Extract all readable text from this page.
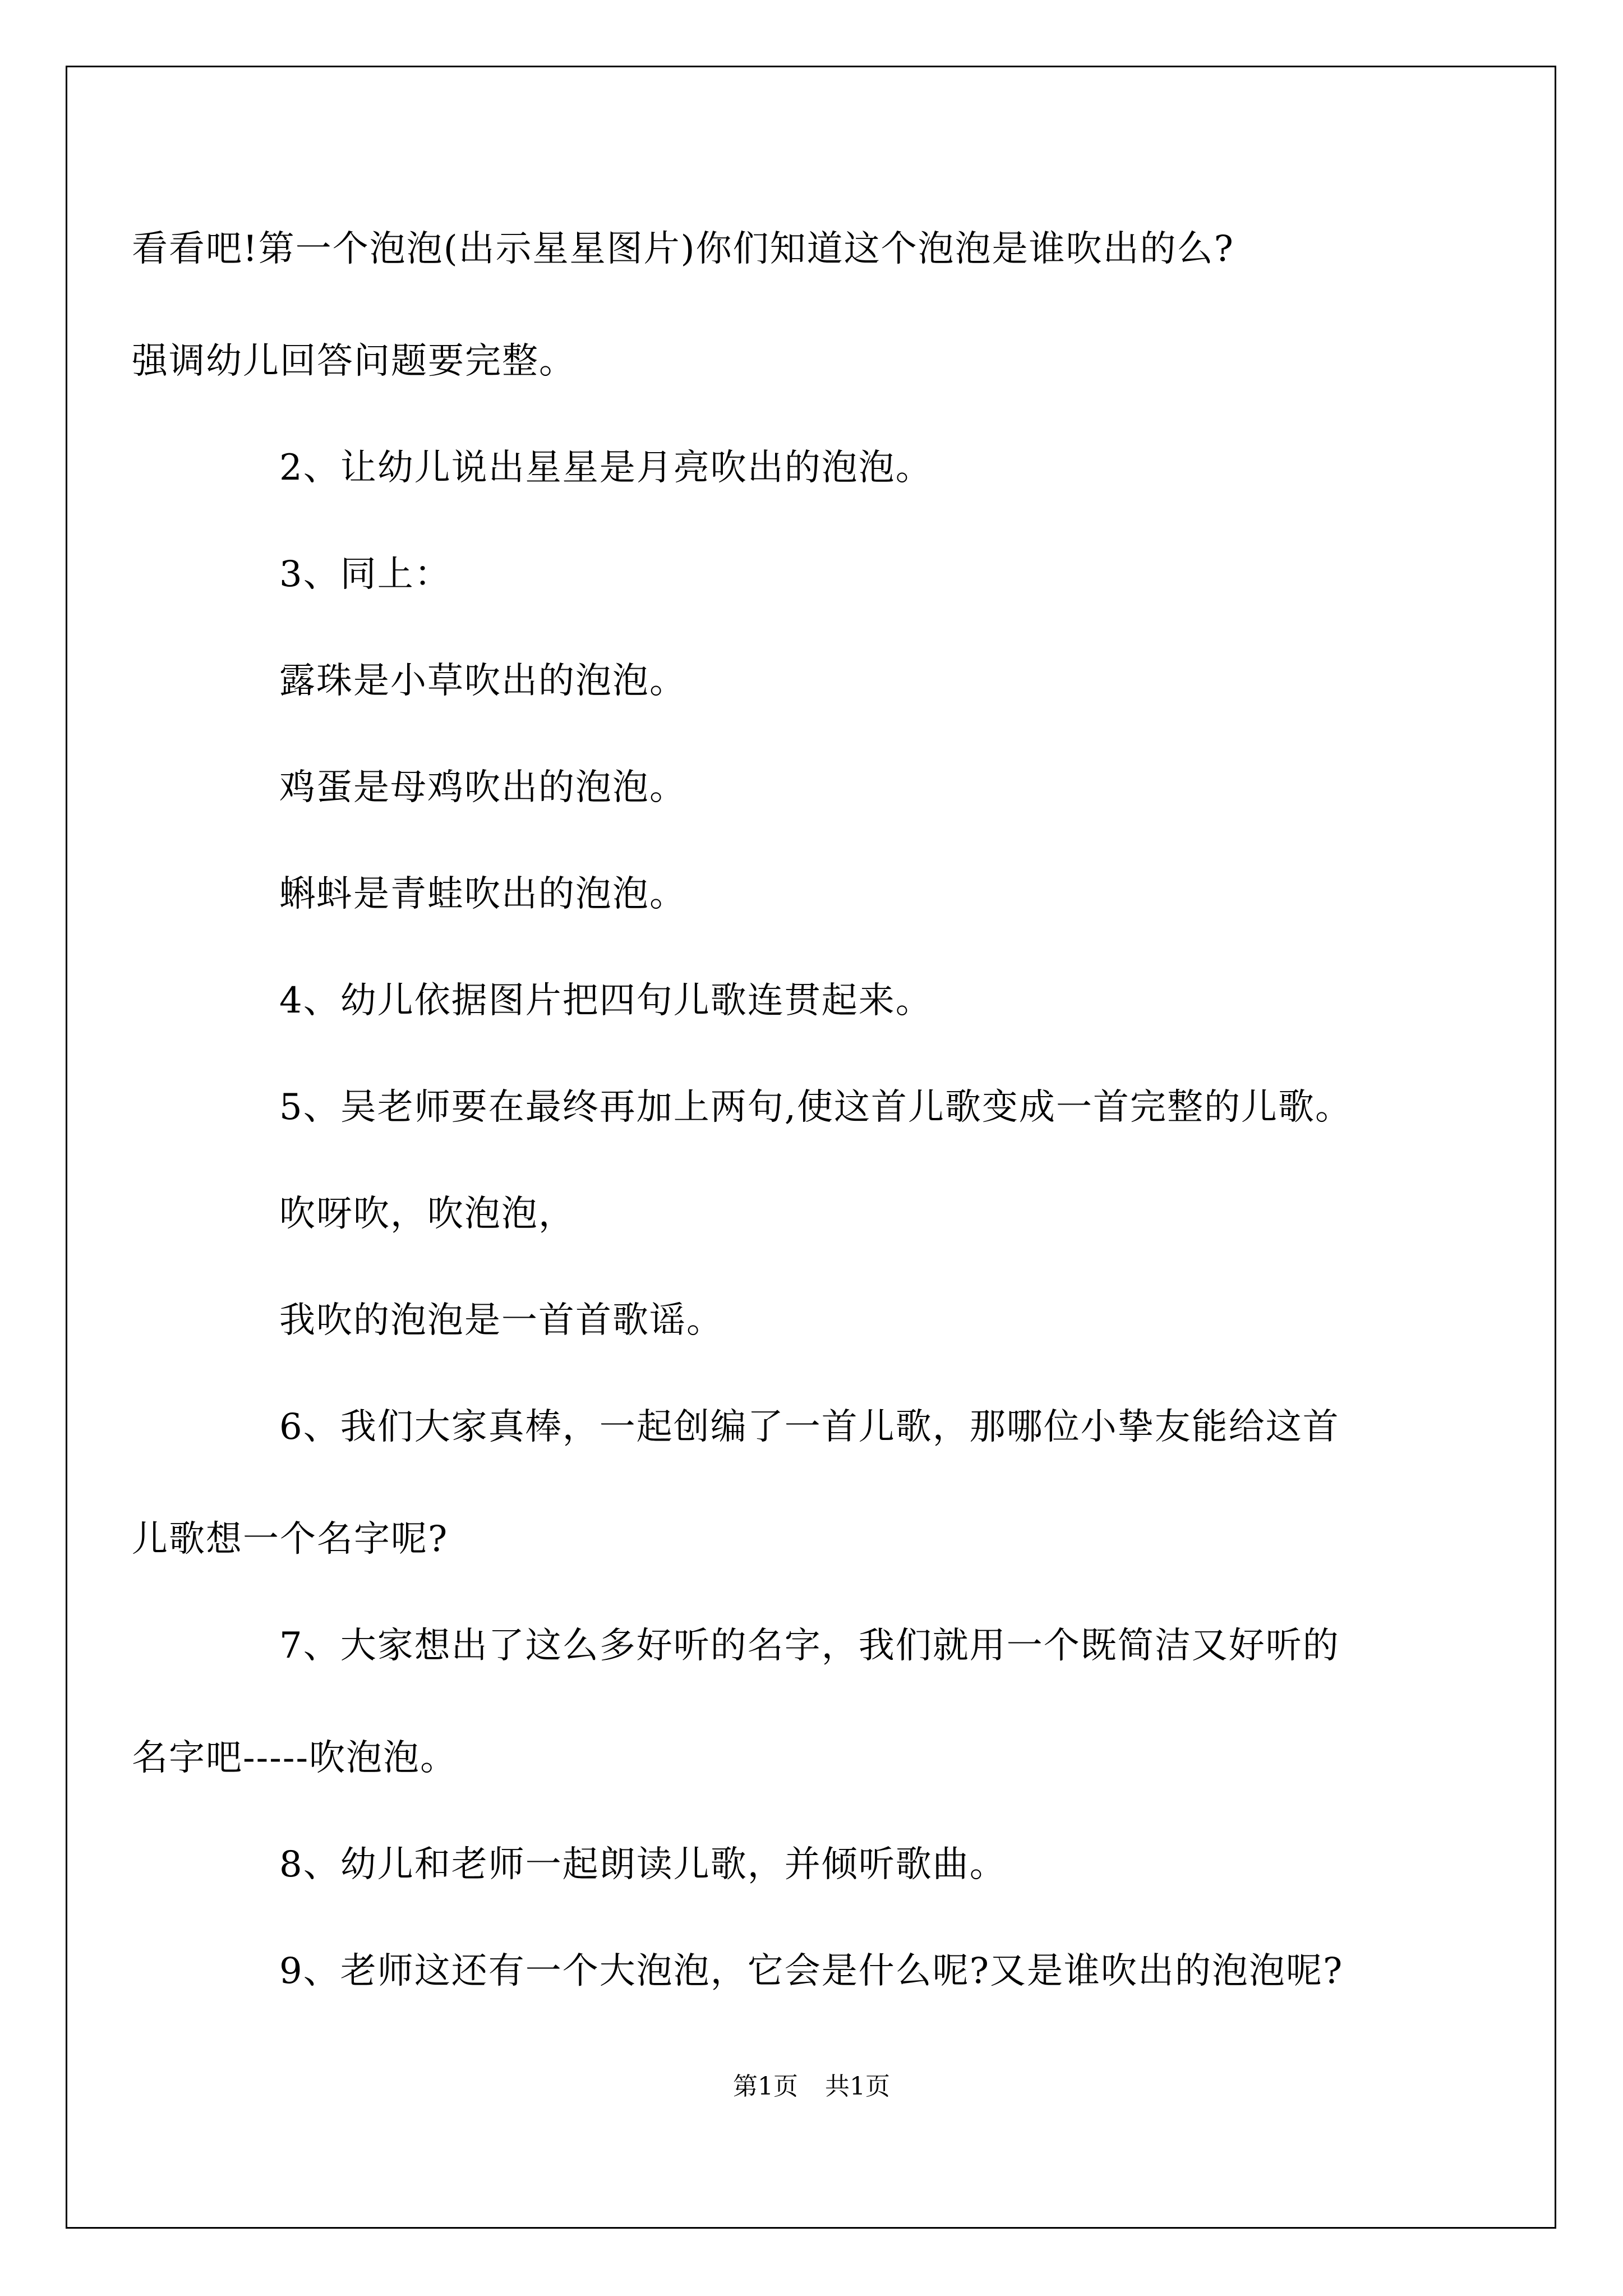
看看吧!第一个泡泡(出示星星图片)你们知道这个泡泡是谁吹出的么?
强调幼儿回答问题要完整。
2、让幼儿说出星星是月亮吹出的泡泡。
3、同上：
露珠是小草吹出的泡泡。
鸡蛋是母鸡吹出的泡泡。
蝌蚪是青蛙吹出的泡泡。
4、幼儿依据图片把四句儿歌连贯起来。
5、吴老师要在最终再加上两句,使这首儿歌变成一首完整的儿歌。
吹呀吹，吹泡泡，
我吹的泡泡是一首首歌谣。
6、我们大家真棒，一起创编了一首儿歌，那哪位小挚友能给这首
儿歌想一个名字呢?
7、大家想出了这么多好听的名字，我们就用一个既简洁又好听的
名字吧-----吹泡泡。
8、幼儿和老师一起朗读儿歌，并倾听歌曲。
9、老师这还有一个大泡泡，它会是什么呢?又是谁吹出的泡泡呢?
第1页 共1页
